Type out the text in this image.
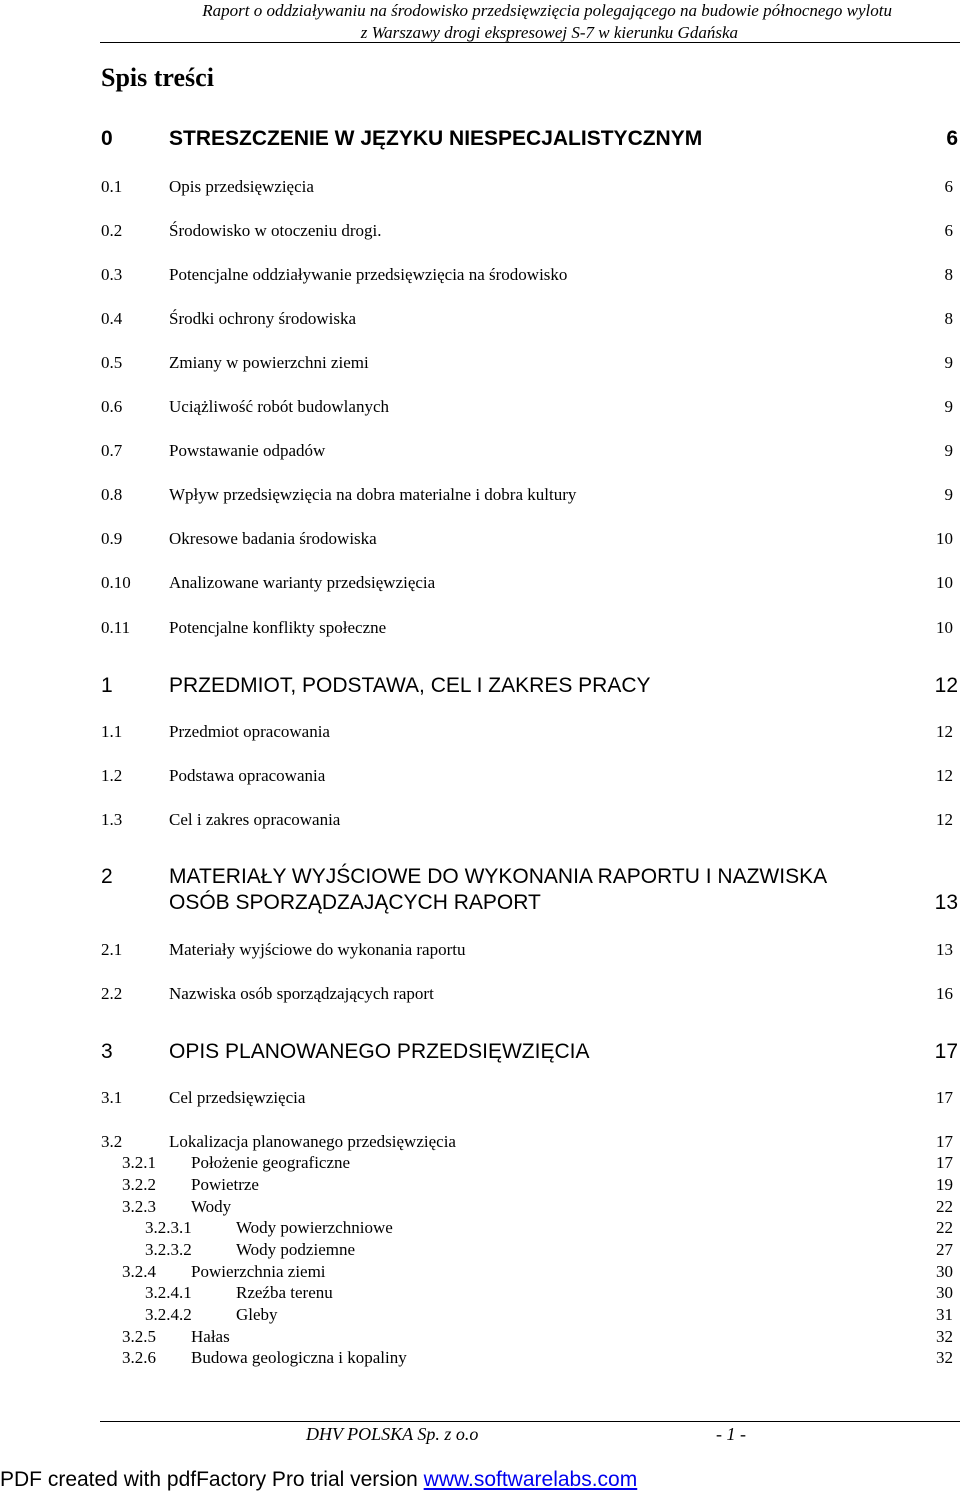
Raport o oddziaływaniu na środowisko przedsięwzięcia polegającego na budowie północnego wylotu
z Warszawy drogi ekspresowej S-7 w kierunku Gdańska
Spis treści
0	STRESZCZENIE W JĘZYKU NIESPECJALISTYCZNYM	6
0.1	Opis przedsięwzięcia	6
0.2	Środowisko w otoczeniu drogi.	6
0.3	Potencjalne oddziaływanie przedsięwzięcia na środowisko	8
0.4	Środki ochrony środowiska	8
0.5	Zmiany w powierzchni ziemi	9
0.6	Uciążliwość robót budowlanych	9
0.7	Powstawanie odpadów	9
0.8	Wpływ przedsięwzięcia na dobra materialne i dobra kultury	9
0.9	Okresowe badania środowiska	10
0.10 Analizowane warianty przedsięwzięcia	10
0.11 Potencjalne konflikty społeczne	10
1	PRZEDMIOT, PODSTAWA, CEL I ZAKRES PRACY	12
1.1	Przedmiot opracowania	12
1.2	Podstawa opracowania	12
1.3	Cel i zakres opracowania	12
2	MATERIAŁY WYJŚCIOWE DO WYKONANIA RAPORTU I NAZWISKA
OSÓB SPORZĄDZAJĄCYCH RAPORT	13
2.1	Materiały wyjściowe do wykonania raportu	13
2.2	Nazwiska osób sporządzających raport	16
3	OPIS PLANOWANEGO PRZEDSIĘWZIĘCIA	17
3.1	Cel przedsięwzięcia	17
3.2	Lokalizacja planowanego przedsięwzięcia	17
3.2.1 Położenie geograficzne	17
3.2.2 Powietrze	19
3.2.3 Wody	22
3.2.3.1	Wody powierzchniowe	22
3.2.3.2	Wody podziemne	27
3.2.4 Powierzchnia ziemi	30
3.2.4.1	Rzeźba terenu	30
3.2.4.2	Gleby	31
3.2.5 Hałas	32
3.2.6 Budowa geologiczna i kopaliny	32
DHV POLSKA Sp. z o.o	- 1 -
PDF created with pdfFactory Pro trial version www.softwarelabs.com
